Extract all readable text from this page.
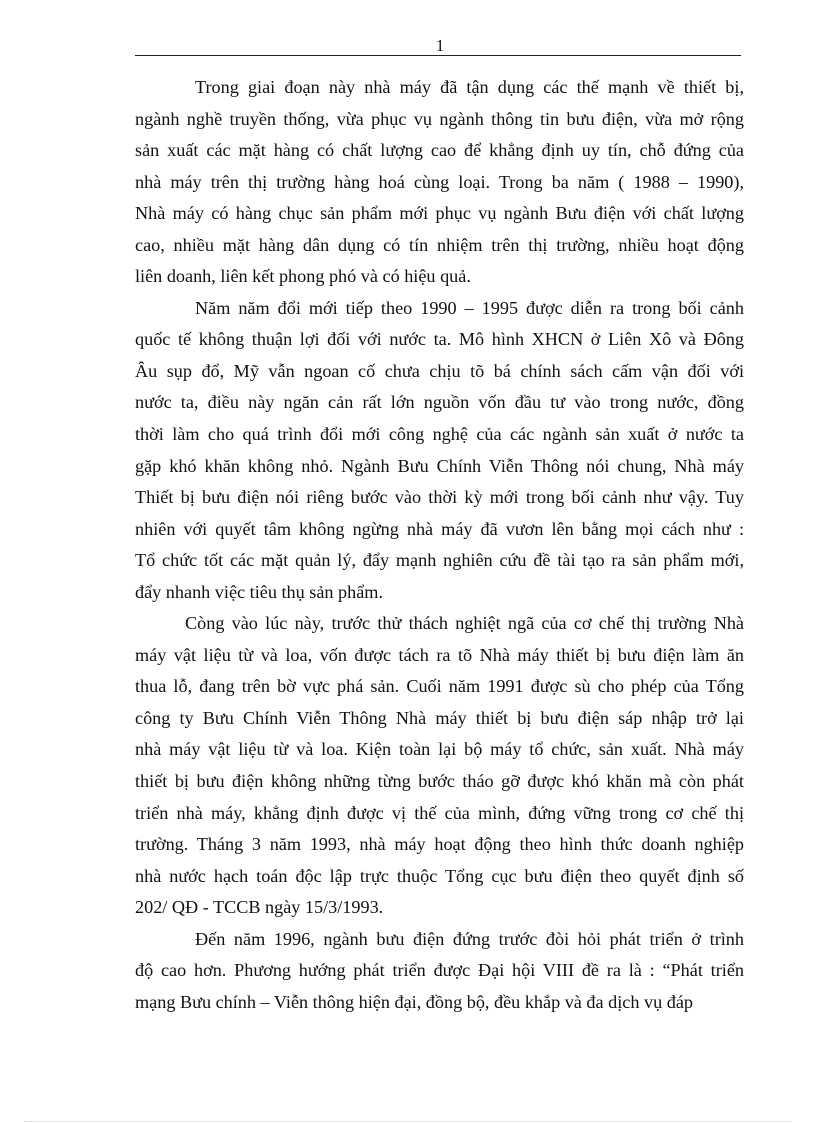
1
Trong giai đoạn này nhà máy đã tận dụng các thế mạnh về thiết bị,
ngành nghề truyền thống, vừa phục vụ ngành thông tin bưu điện, vừa mở rộng
sản xuất các mặt hàng có chất lượng cao để khẳng định uy tín, chỗ đứng của
nhà máy trên thị trường hàng hoá cùng loại. Trong ba năm ( 1988 – 1990),
Nhà máy có hàng chục sản phẩm mới phục vụ ngành Bưu điện với chất lượng
cao, nhiều mặt hàng dân dụng có tín nhiệm trên thị trường, nhiều hoạt động
liên doanh, liên kết phong phó và có hiệu quả.
Năm năm đổi mới tiếp theo 1990 – 1995 được diễn ra trong bối cảnh
quốc tế không thuận lợi đối với nước ta. Mô hình XHCN ở Liên Xô và Đông
Âu sụp đổ, Mỹ vẫn ngoan cố chưa chịu tõ bá chính sách cấm vận đối với
nước ta, điều này ngăn cản rất lớn nguồn vốn đầu tư vào trong nước, đồng
thời làm cho quá trình đổi mới công nghệ của các ngành sản xuất ở nước ta
gặp khó khăn không nhỏ. Ngành Bưu Chính Viễn Thông nói chung, Nhà máy
Thiết bị bưu điện nói riêng bước vào thời kỳ mới trong bối cảnh như vậy. Tuy
nhiên với quyết tâm không ngừng nhà máy đã vươn lên bằng mọi cách như :
Tổ chức tốt các mặt quản lý, đẩy mạnh nghiên cứu đề tài tạo ra sản phẩm mới,
đẩy nhanh việc tiêu thụ sản phẩm.
Còng vào lúc này, trước thử thách nghiệt ngã của cơ chế thị trường Nhà
máy vật liệu từ và loa, vốn được tách ra tõ Nhà máy thiết bị bưu điện làm ăn
thua lỗ, đang trên bờ vực phá sản. Cuối năm 1991 được sù cho phép của Tổng
công ty Bưu Chính Viễn Thông Nhà máy thiết bị bưu điện sáp nhập trở lại
nhà máy vật liệu từ và loa. Kiện toàn lại bộ máy tổ chức, sản xuất. Nhà máy
thiết bị bưu điện không những từng bước tháo gỡ được khó khăn mà còn phát
triển nhà máy, khẳng định được vị thế của mình, đứng vững trong cơ chế thị
trường. Tháng 3 năm 1993, nhà máy hoạt động theo hình thức doanh nghiệp
nhà nước hạch toán độc lập trực thuộc Tổng cục bưu điện theo quyết định số
202/ QĐ - TCCB ngày 15/3/1993.
Đến năm 1996, ngành bưu điện đứng trước đòi hỏi phát triển ở trình
độ cao hơn. Phương hướng phát triển được Đại hội VIII đề ra là : “Phát triển
mạng Bưu chính – Viễn thông hiện đại, đồng bộ, đều khắp và đa dịch vụ đáp
